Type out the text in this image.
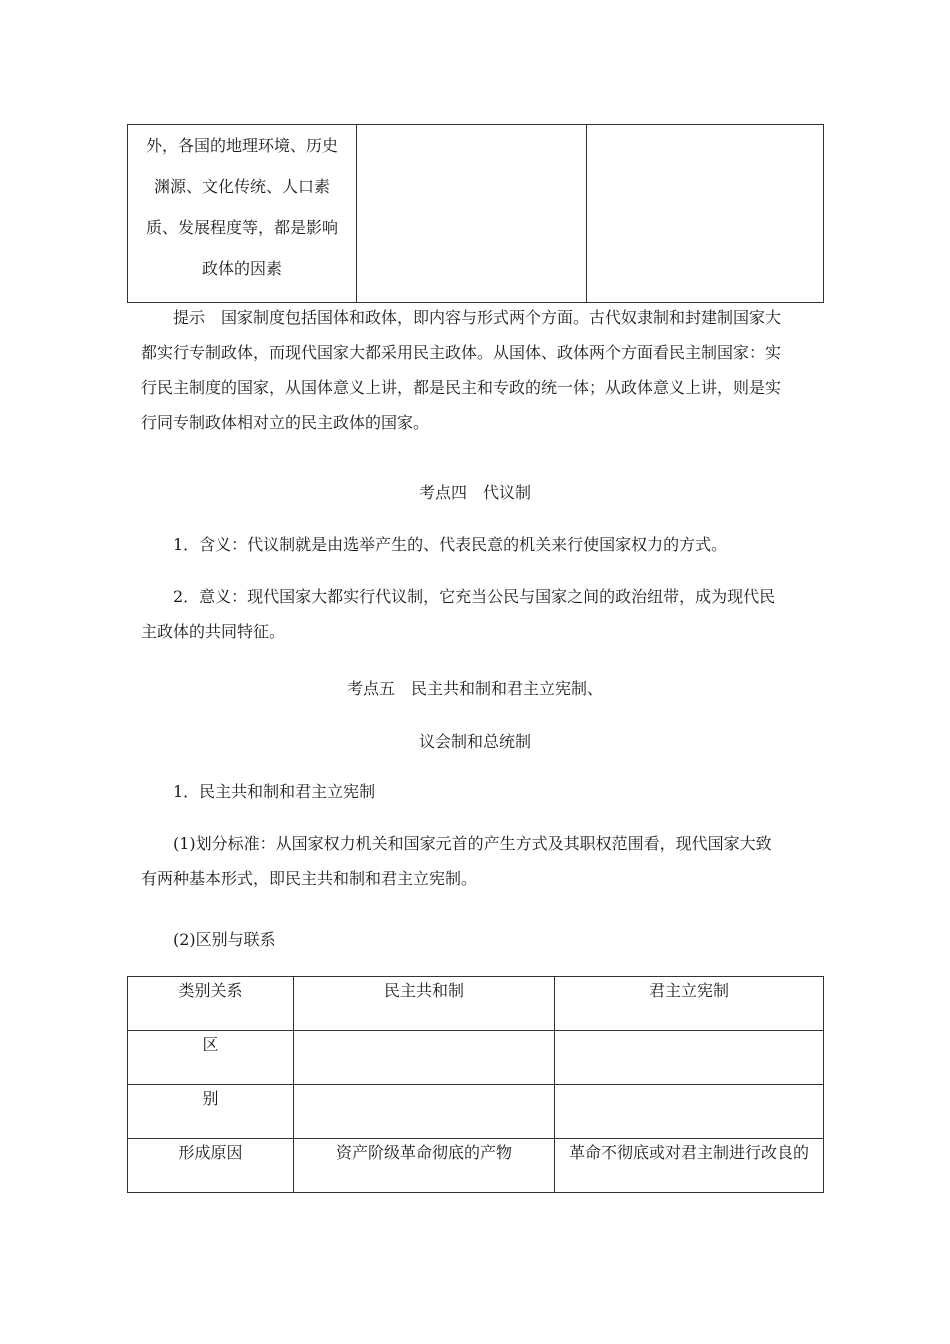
外，各国的地理环境、历史
渊源、文化传统、人口素
质、发展程度等，都是影响
政体的因素

提示　 国家制度包括国体和政体，即内容与形式两个方面。古代奴隶制和封建制国家大
都实行专制政体，而现代国家大都采用民主政体。从国体、政体两个方面看民主制国家：实
行民主制度的国家，从国体意义上讲，都是民主和专政的统一体；从政体意义上讲，则是实
行同专制政体相对立的民主政体的国家。
考点四　代议制
1．含义：代议制就是由选举产生的、代表民意的机关来行使国家权力的方式。
2．意义：现代国家大都实行代议制，它充当公民与国家之间的政治纽带，成为现代民
主政体的共同特征。
考点五　民主共和制和君主立宪制、
议会制和总统制
1．民主共和制和君主立宪制
(1)划分标准：从国家权力机关和国家元首的产生方式及其职权范围看，现代国家大致
有两种基本形式，即民主共和制和君主立宪制。
(2)区别与联系
类别关系	民主共和制	君主立宪制
区		
别		
形成原因	资产阶级革命彻底的产物	革命不彻底或对君主制进行改良的
